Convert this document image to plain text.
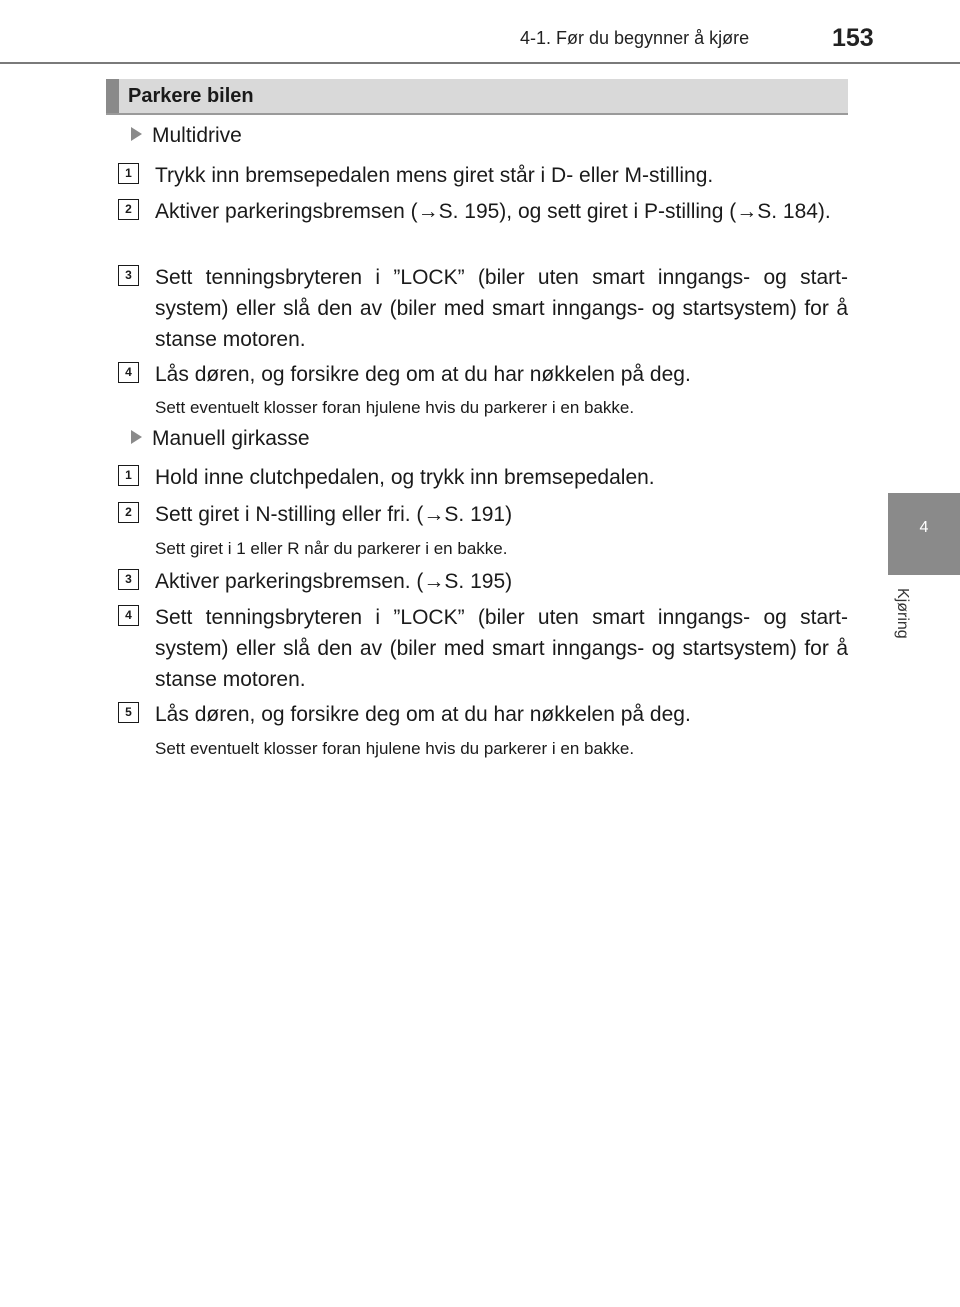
4-1. Før du begynner å kjøre	153
4
Kjøring
Parkere bilen
Multidrive
1	Trykk inn bremsepedalen mens giret står i D- eller M-stilling.
2	Aktiver parkeringsbremsen (→S. 195), og sett giret i P-stilling (→S. 184).
3	Sett tenningsbryteren i ”LOCK” (biler uten smart inngangs- og start-system) eller slå den av (biler med smart inngangs- og startsystem) for å stanse motoren.
4	Lås døren, og forsikre deg om at du har nøkkelen på deg.
Sett eventuelt klosser foran hjulene hvis du parkerer i en bakke.
Manuell girkasse
1	Hold inne clutchpedalen, og trykk inn bremsepedalen.
2	Sett giret i N-stilling eller fri. (→S. 191)
Sett giret i 1 eller R når du parkerer i en bakke.
3	Aktiver parkeringsbremsen. (→S. 195)
4	Sett tenningsbryteren i ”LOCK” (biler uten smart inngangs- og start-system) eller slå den av (biler med smart inngangs- og startsystem) for å stanse motoren.
5	Lås døren, og forsikre deg om at du har nøkkelen på deg.
Sett eventuelt klosser foran hjulene hvis du parkerer i en bakke.
